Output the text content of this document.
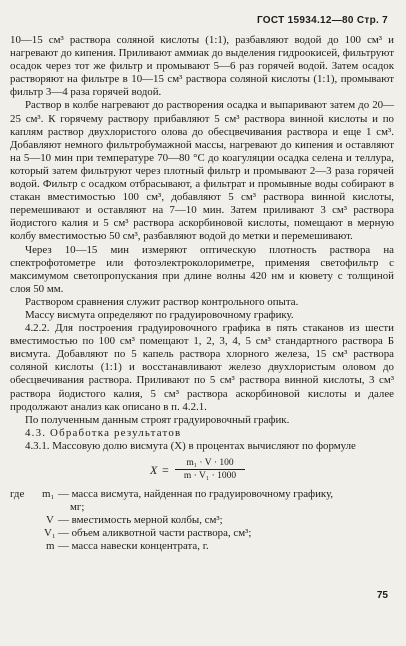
ГОСТ 15934.12—80 Стр. 7

10—15 см³ раствора соляной кислоты (1:1), разбавляют водой до 100 см³ и нагревают до кипения. Приливают аммиак до выделения гидроокисей, фильтруют осадок через тот же фильтр и промывают 5—6 раз горячей водой. Затем осадок растворяют на фильтре в 10—15 см³ раствора соляной кислоты (1:1), промывают фильтр 3—4 раза горячей водой.

Раствор в колбе нагревают до растворения осадка и выпаривают затем до 20—25 см³. К горячему раствору прибавляют 5 см³ раствора винной кислоты и по каплям раствор двухлористого олова до обесцвечивания раствора и еще 1 см³. Добавляют немного фильтробумажной массы, нагревают до кипения и оставляют на 5—10 мин при температуре 70—80 °С до коагуляции осадка селена и теллура, который затем фильтруют через плотный фильтр и промывают 2—3 раза горячей водой. Фильтр с осадком отбрасывают, а фильтрат и промывные воды собирают в стакан вместимостью 100 см³, добавляют 5 см³ раствора винной кислоты, перемешивают и оставляют на 7—10 мин. Затем приливают 3 см³ раствора йодистого калия и 5 см³ раствора аскорбиновой кислоты, помещают в мерную колбу вместимостью 50 см³, разбавляют водой до метки и перемешивают.

Через 10—15 мин измеряют оптическую плотность раствора на спектрофотометре или фотоэлектроколориметре, применяя светофильтр с максимумом светопропускания при длине волны 420 нм и кювету с толщиной слоя 50 мм.

Раствором сравнения служит раствор контрольного опыта.

Массу висмута определяют по градуировочному графику.

4.2.2. Для построения градуировочного графика в пять стаканов из шести вместимостью по 100 см³ помещают 1, 2, 3, 4, 5 см³ стандартного раствора Б висмута. Добавляют по 5 капель раствора хлорного железа, 15 см³ раствора соляной кислоты (1:1) и восстанавливают железо двухлористым оловом до обесцвечивания раствора. Приливают по 5 см³ раствора винной кислоты, 3 см³ раствора йодистого калия, 5 см³ раствора аскорбиновой кислоты и далее продолжают анализ как описано в п. 4.2.1.

По полученным данным строят градуировочный график.

4.3. Обработка результатов

4.3.1. Массовую долю висмута (X) в процентах вычисляют по формуле

$X = \frac{\text{m₁ · V · 100}}{\text{m · V₁ · 1000}}$
где m₁ — масса висмута, найденная по градуировочному графику,
мг;
V — вместимость мерной колбы, см³;
V₁ — объем аликвотной части раствора, см³;
m — масса навески концентрата, г.
75
